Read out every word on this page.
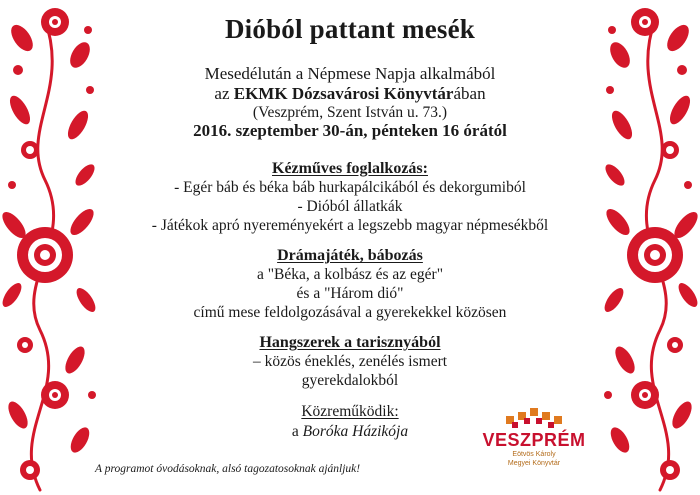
Dióból pattant mesék
Mesedélután a Népmese Napja alkalmából
az EKMK Dózsavárosi Könyvtárában
(Veszprém, Szent István u. 73.)
2016. szeptember 30-án, pénteken 16 órától
Kézműves foglalkozás:
- Egér báb és béka báb hurkapálcikából és dekorgumiból
- Dióból állatkák
- Játékok apró nyereményekért a legszebb magyar népmesékből
Drámajáték, bábozás
a "Béka, a kolbász és az egér"
és a "Három dió"
című mese feldolgozásával a gyerekekkel közösen
Hangszerek a tarisznyából
– közös éneklés, zenélés ismert
gyerekdalokból
Közreműködik:
a Boróka Házikója
A programot óvodásoknak, alsó tagozatosoknak ajánljuk!
VESZPRÉM
Eötvös Károly
Megyei Könyvtár
